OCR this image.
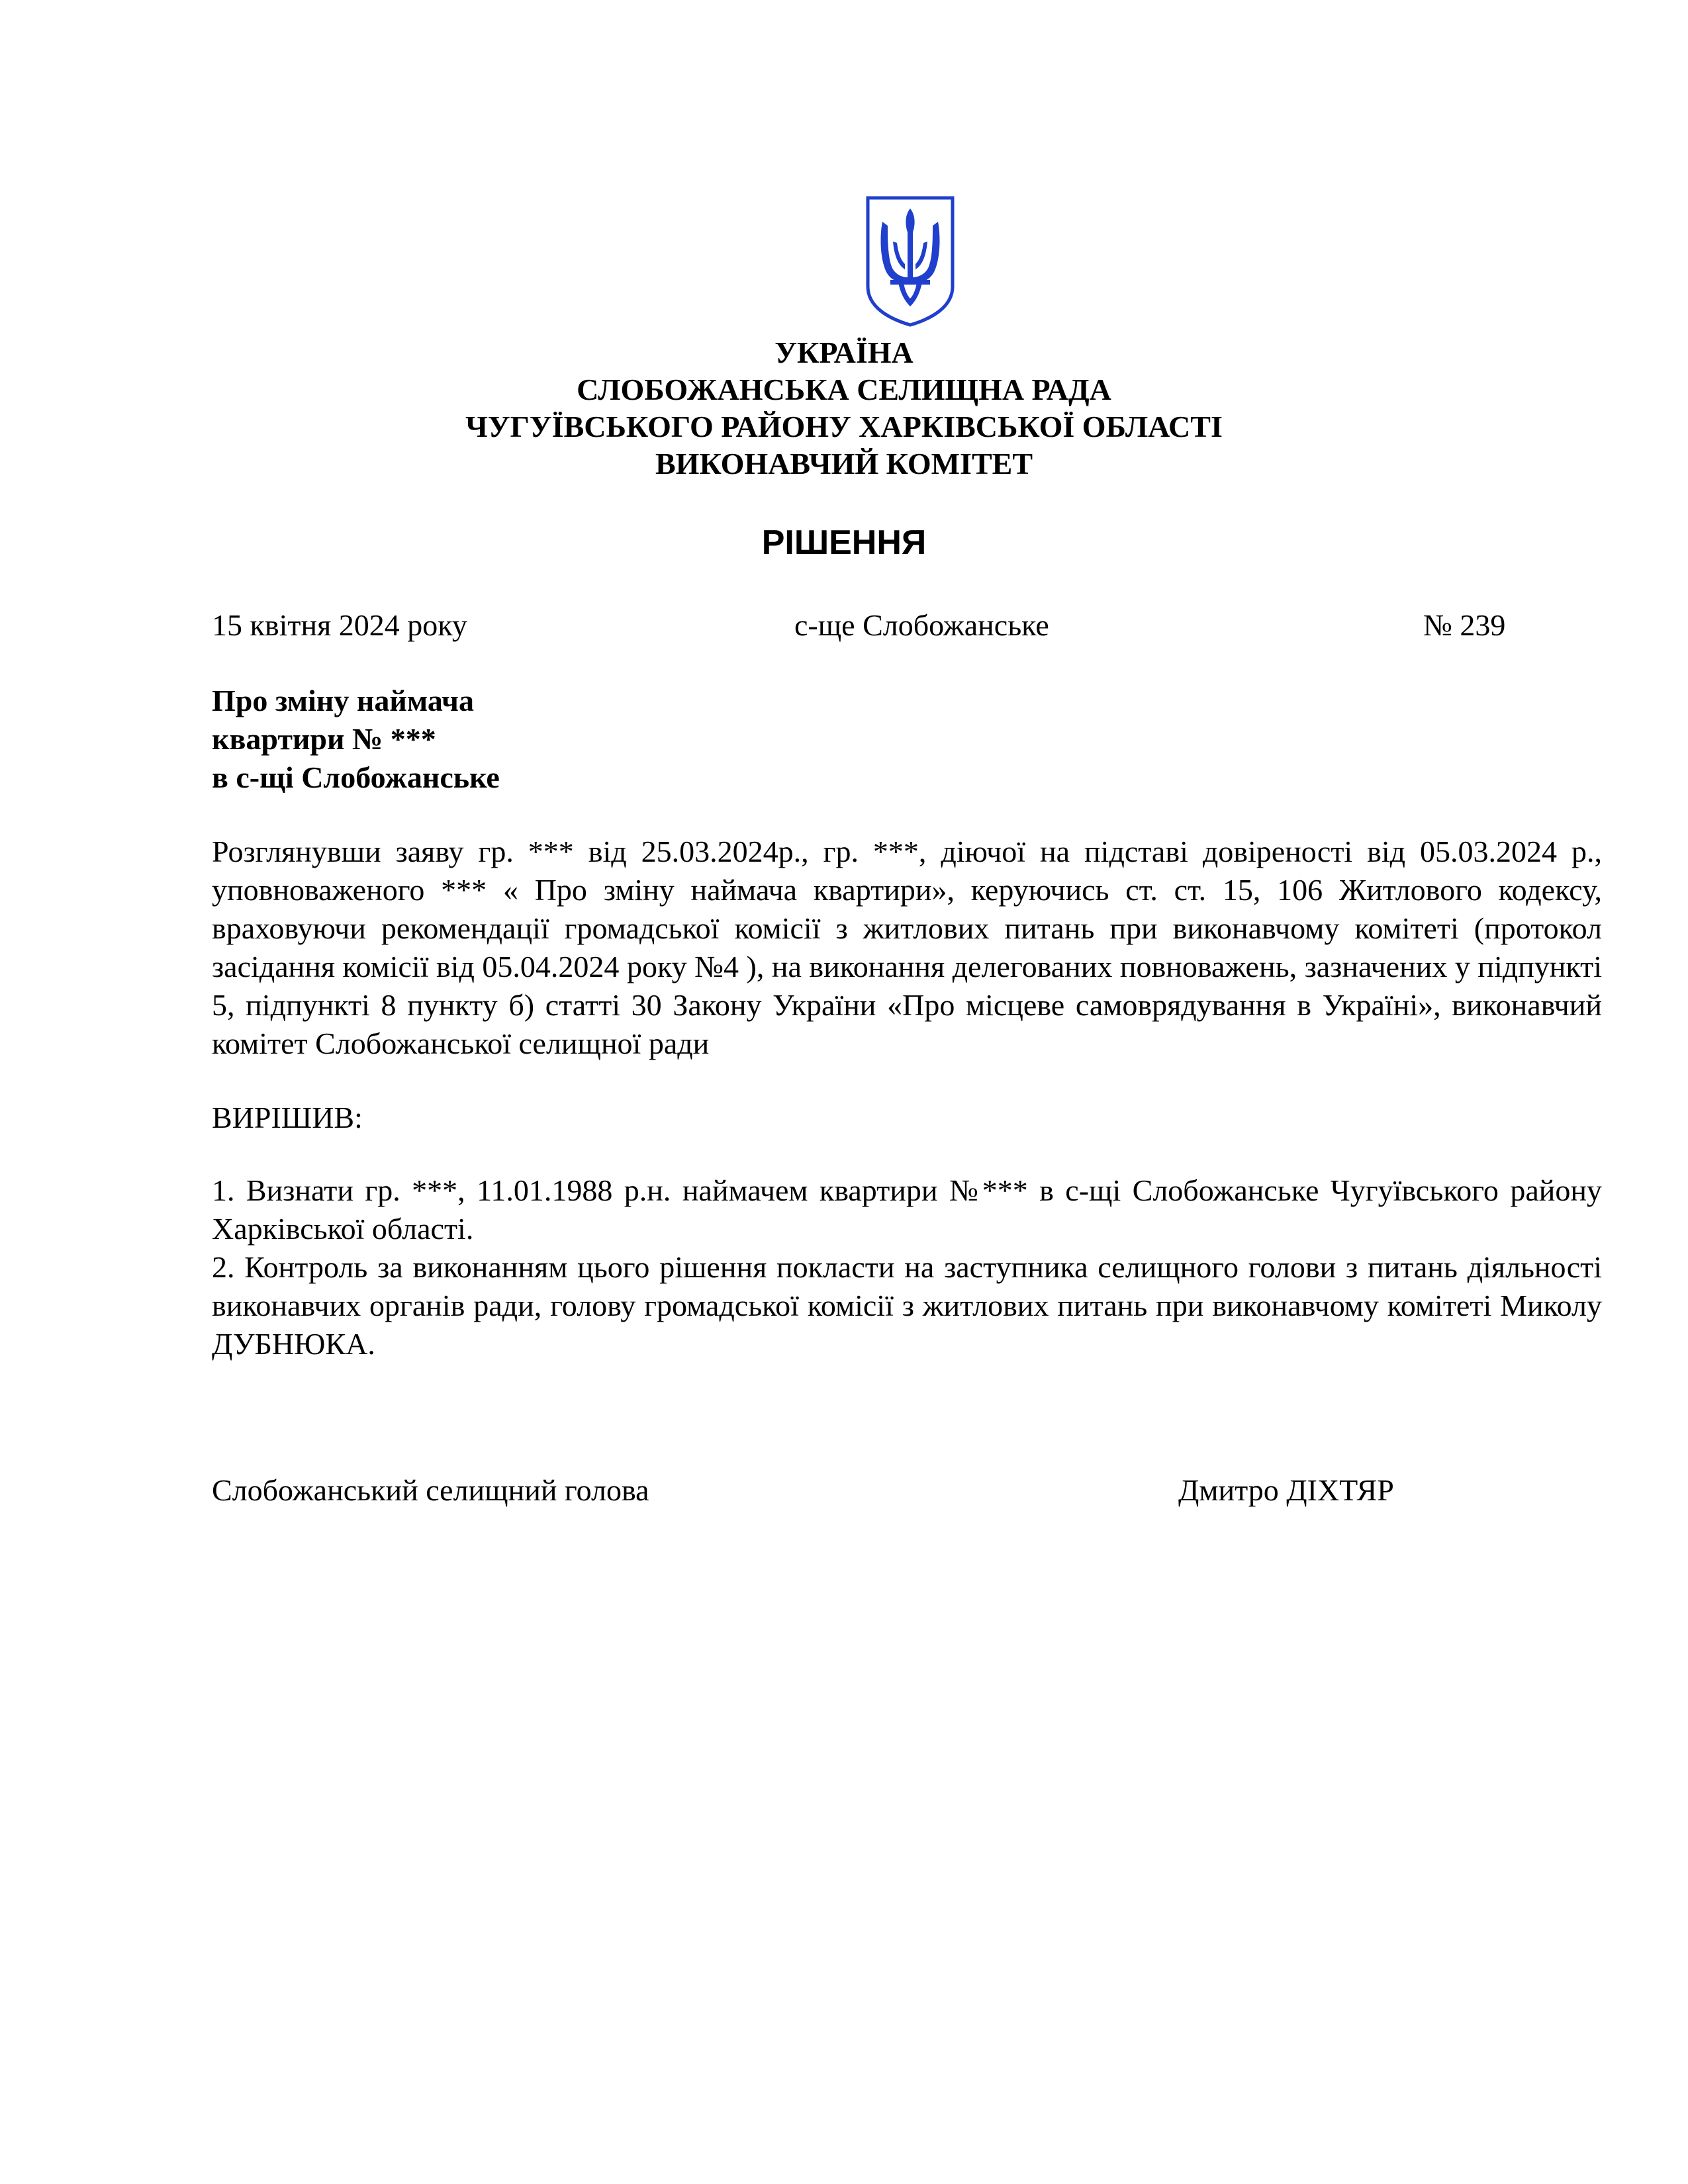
УКРАЇНА
СЛОБОЖАНСЬКА СЕЛИЩНА РАДА
ЧУГУЇВСЬКОГО РАЙОНУ ХАРКІВСЬКОЇ ОБЛАСТІ
ВИКОНАВЧИЙ КОМІТЕТ
РІШЕННЯ
15 квітня 2024 року	с-ще Слобожанське	№ 239
Про зміну наймача
квартири № ***
в с-щі Слобожанське
Розглянувши заяву гр. *** від 25.03.2024р., гр. ***, діючої на підставі довіреності від 05.03.2024 р., уповноваженого *** « Про зміну наймача квартири», керуючись ст. ст. 15, 106 Житлового кодексу, враховуючи рекомендації громадської комісії з житлових питань при виконавчому комітеті (протокол засідання комісії від 05.04.2024 року №4 ), на виконання делегованих повноважень, зазначених у підпункті 5, підпункті 8 пункту б) статті 30 Закону України «Про місцеве самоврядування в Україні», виконавчий комітет Слобожанської селищної ради
ВИРІШИВ:
1. Визнати гр. ***, 11.01.1988 р.н. наймачем квартири №*** в с-щі Слобожанське Чугуївського району Харківської області.
2. Контроль за виконанням цього рішення покласти на заступника селищного голови з питань діяльності виконавчих органів ради, голову громадської комісії з житлових питань при виконавчому комітеті Миколу ДУБНЮКА.
Слобожанський селищний голова	Дмитро ДІХТЯР
